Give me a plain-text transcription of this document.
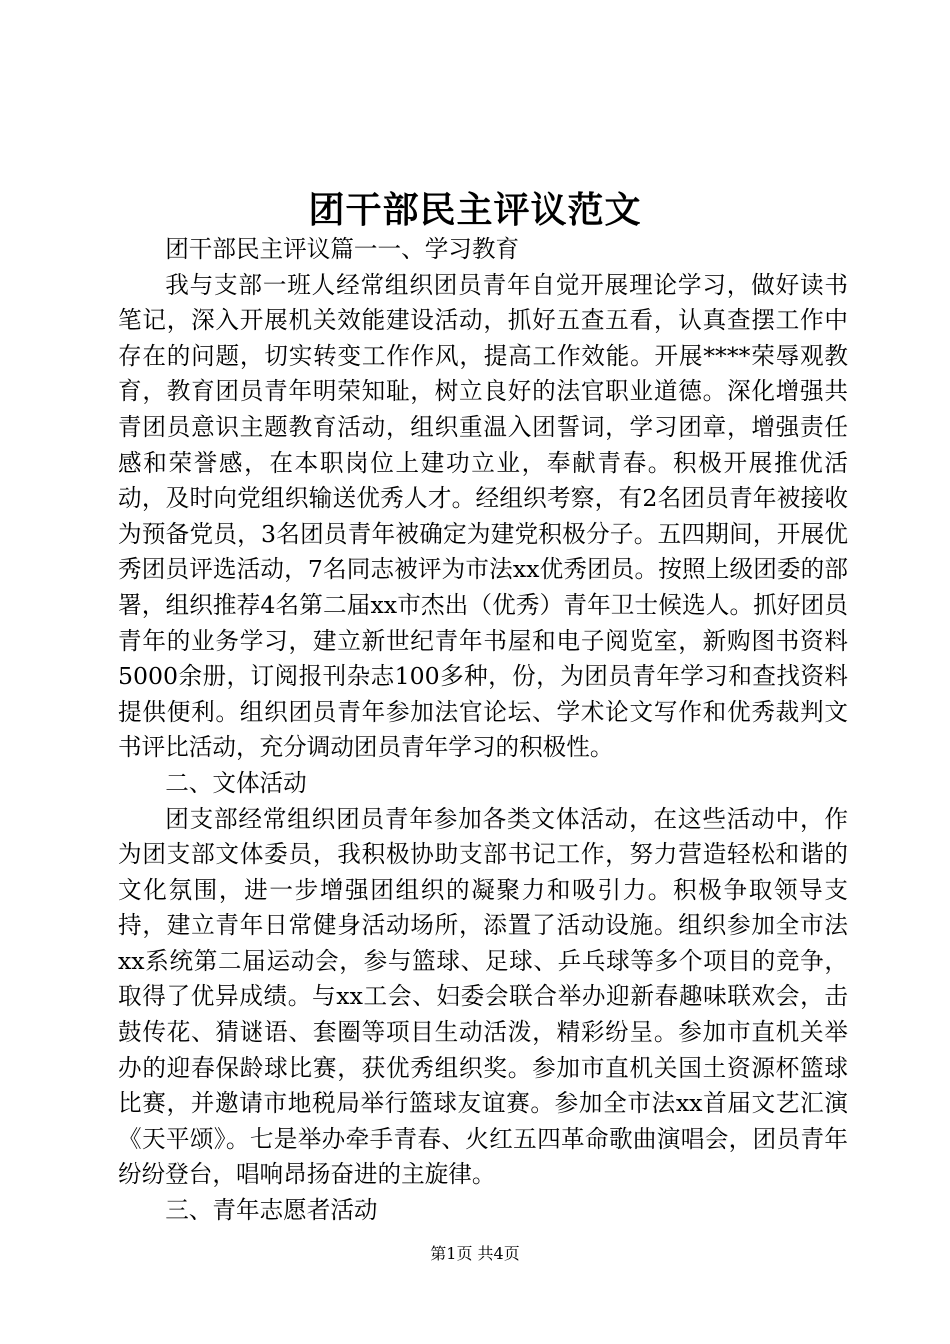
团干部民主评议范文

团干部民主评议篇一一、学习教育

我与支部一班人经常组织团员青年自觉开展理论学习，做好读书笔记，深入开展机关效能建设活动，抓好五查五看，认真查摆工作中存在的问题，切实转变工作作风，提高工作效能。开展****荣辱观教育，教育团员青年明荣知耻，树立良好的法官职业道德。深化增强共青团员意识主题教育活动，组织重温入团誓词，学习团章，增强责任感和荣誉感，在本职岗位上建功立业，奉献青春。积极开展推优活动，及时向党组织输送优秀人才。经组织考察，有2名团员青年被接收为预备党员，3名团员青年被确定为建党积极分子。五四期间，开展优秀团员评选活动，7名同志被评为市法xx优秀团员。按照上级团委的部署，组织推荐4名第二届xx市杰出（优秀）青年卫士候选人。抓好团员青年的业务学习，建立新世纪青年书屋和电子阅览室，新购图书资料5000余册，订阅报刊杂志100多种，份，为团员青年学习和查找资料提供便利。组织团员青年参加法官论坛、学术论文写作和优秀裁判文书评比活动，充分调动团员青年学习的积极性。

二、文体活动

团支部经常组织团员青年参加各类文体活动，在这些活动中，作为团支部文体委员，我积极协助支部书记工作，努力营造轻松和谐的文化氛围，进一步增强团组织的凝聚力和吸引力。积极争取领导支持，建立青年日常健身活动场所，添置了活动设施。组织参加全市法xx系统第二届运动会，参与篮球、足球、乒乓球等多个项目的竞争，取得了优异成绩。与xx工会、妇委会联合举办迎新春趣味联欢会，击鼓传花、猜谜语、套圈等项目生动活泼，精彩纷呈。参加市直机关举办的迎春保龄球比赛，获优秀组织奖。参加市直机关国土资源杯篮球比赛，并邀请市地税局举行篮球友谊赛。参加全市法xx首届文艺汇演《天平颂》。七是举办牵手青春、火红五四革命歌曲演唱会，团员青年纷纷登台，唱响昂扬奋进的主旋律。

三、青年志愿者活动

第1页 共4页
